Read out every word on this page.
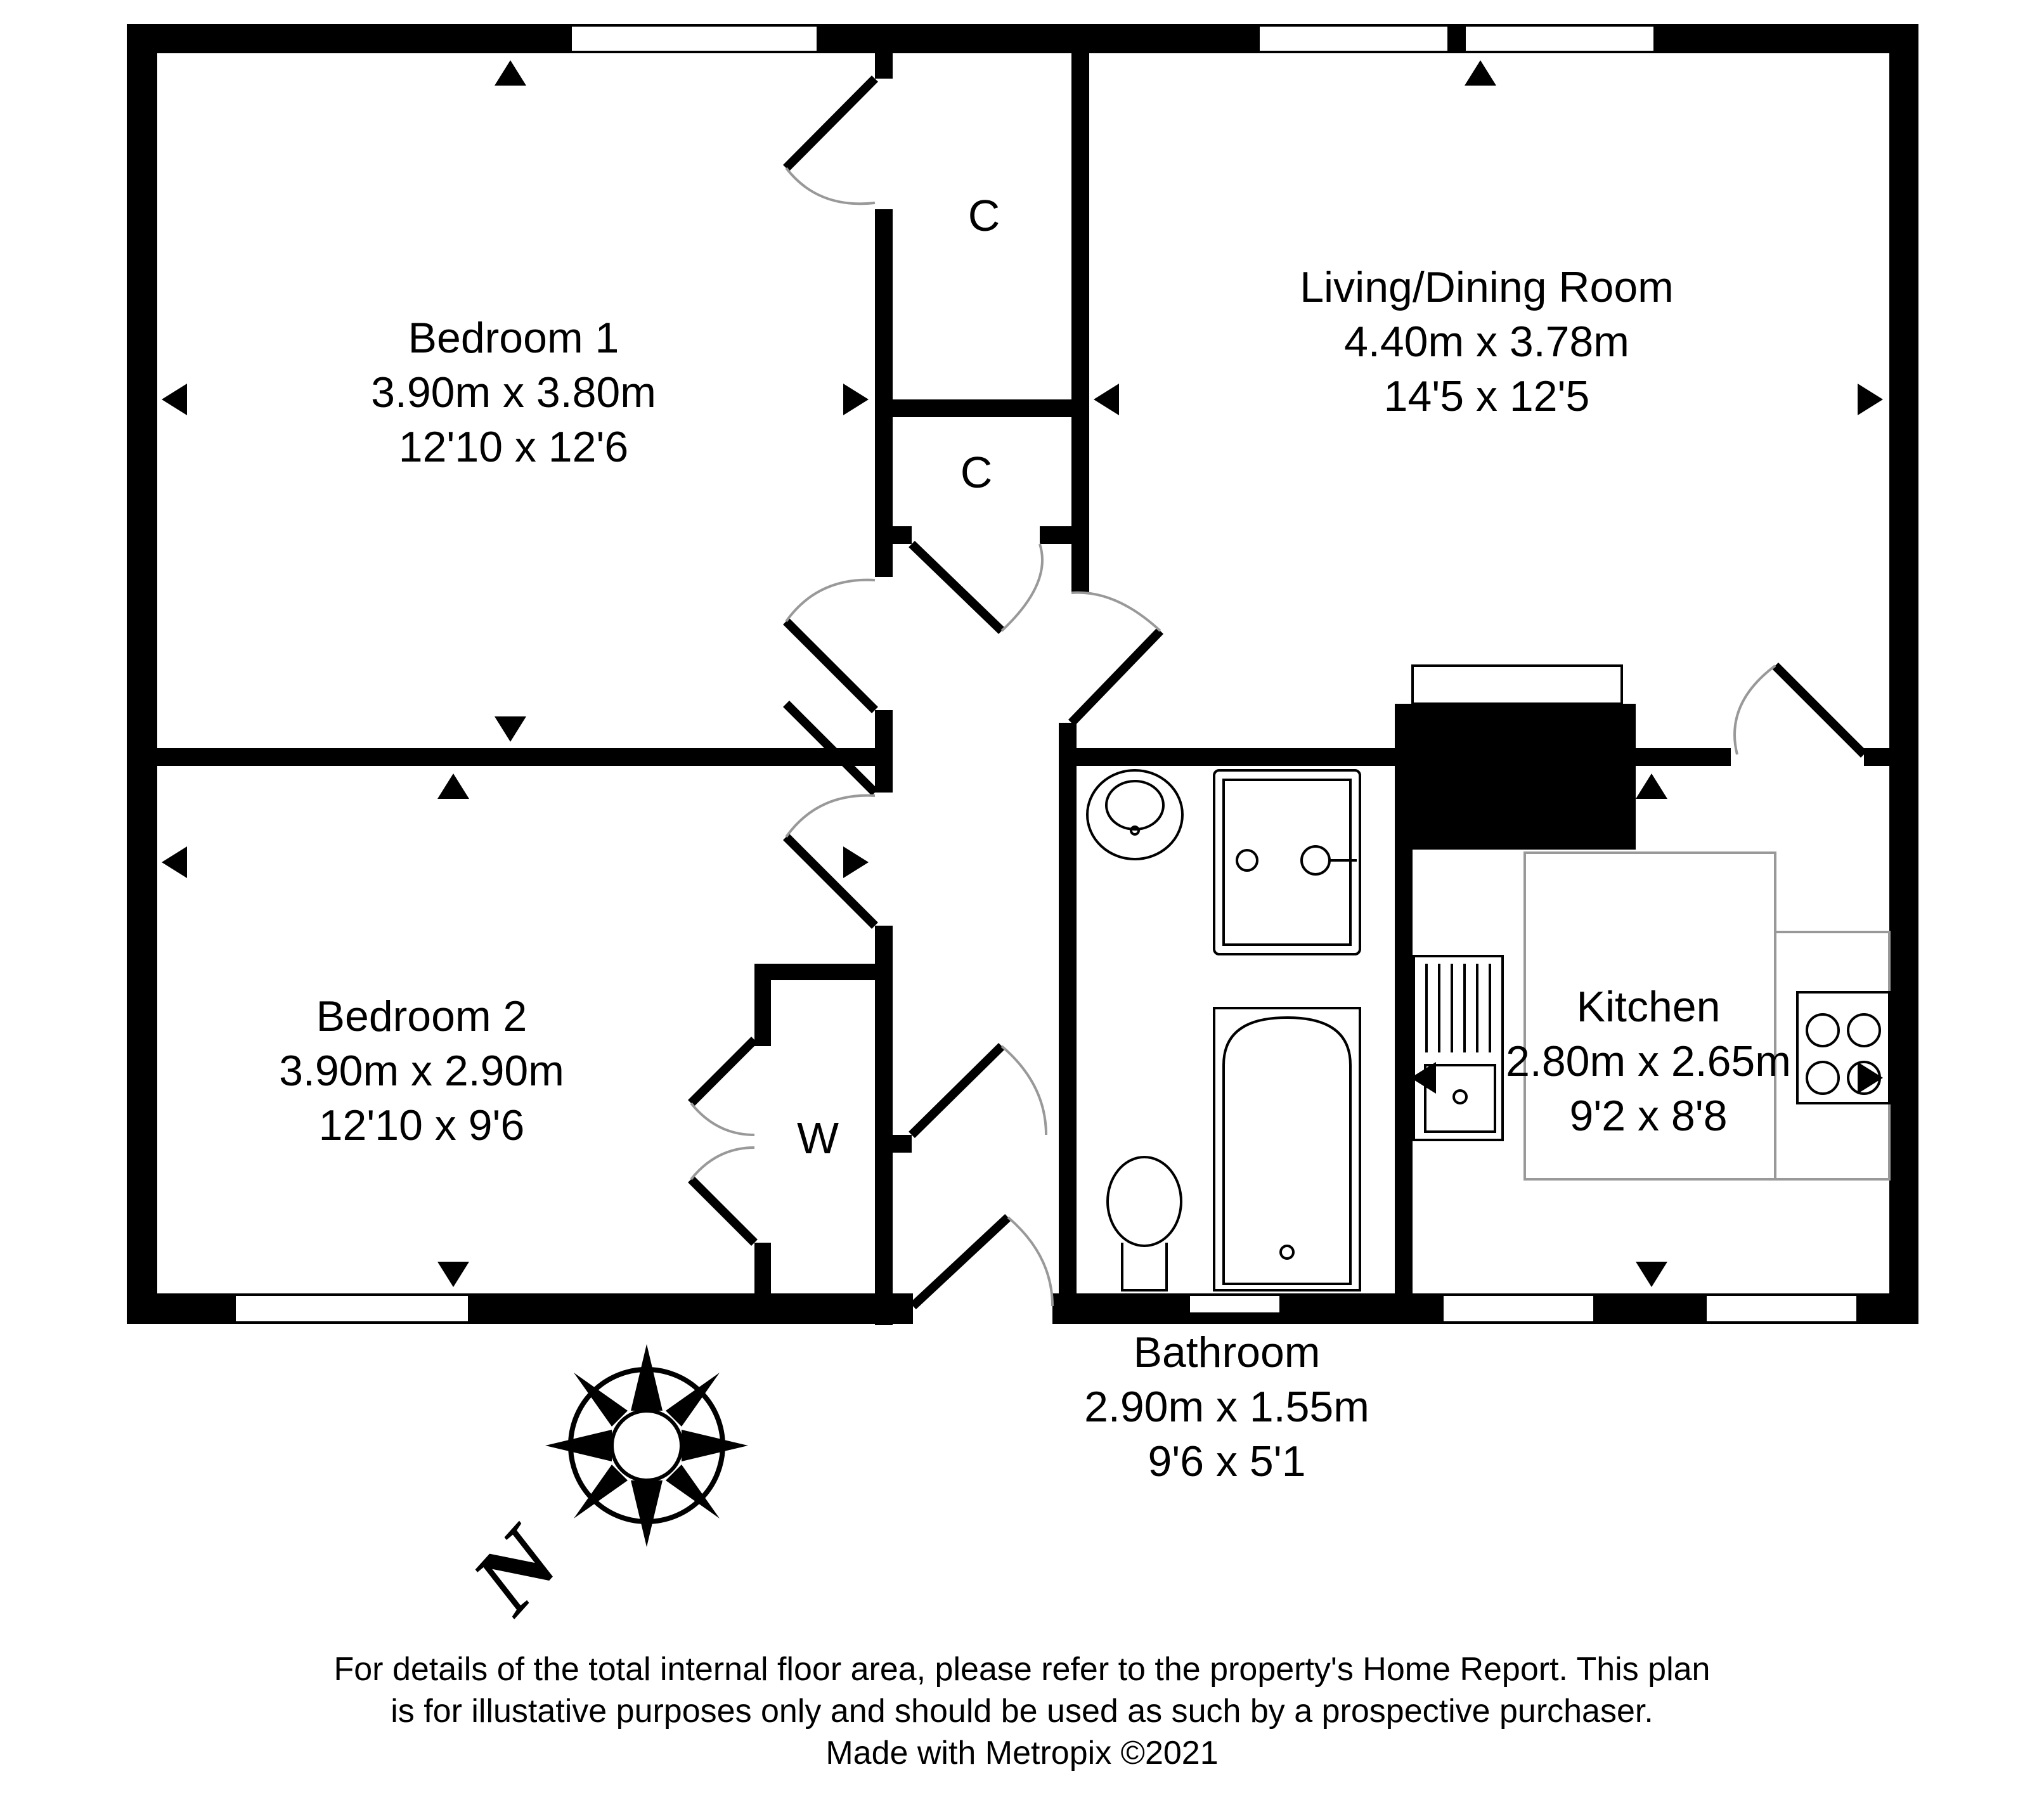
Bedroom 1
3.90m x 3.80m
12'10 x 12'6
Bedroom 2
3.90m x 2.90m
12'10 x 9'6
Living/Dining Room
4.40m x 3.78m
14'5 x 12'5
Kitchen
2.80m x 2.65m
9'2 x 8'8
Bathroom
2.90m x 1.55m
9'6 x 5'1
C
C
W
N
For details of the total internal floor area, please refer to the property's Home Report. This plan
is for illustative purposes only and should be used as such by a prospective purchaser.
Made with Metropix ©2021
